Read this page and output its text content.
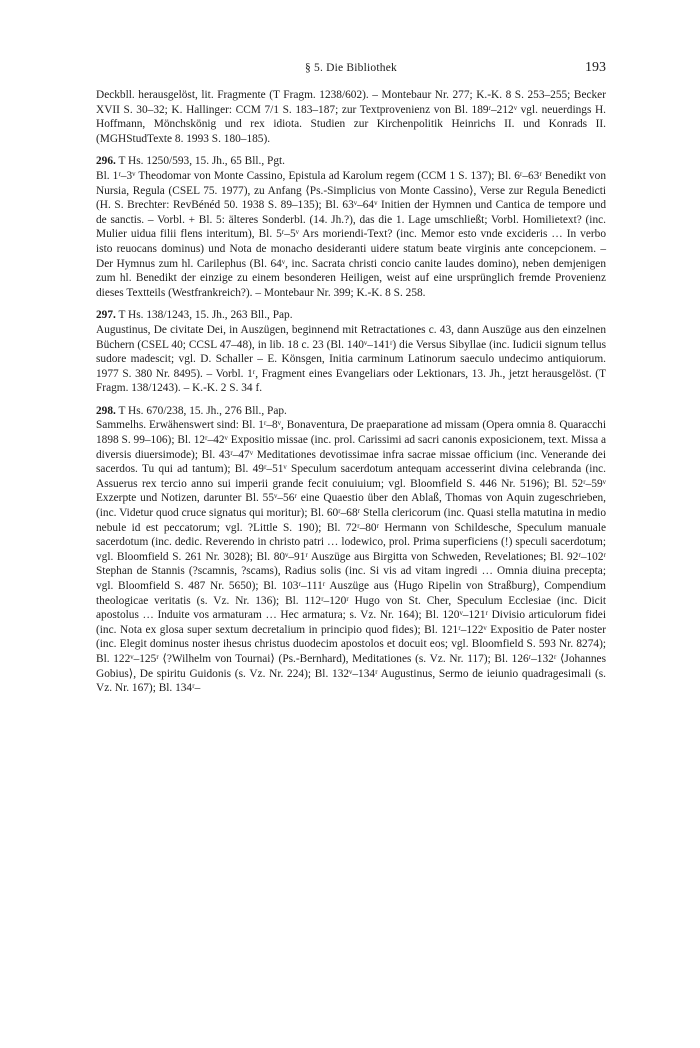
§ 5. Die Bibliothek	193

Deckbll. herausgelöst, lit. Fragmente (T Fragm. 1238/602). – Montebaur Nr. 277; K.-K. 8 S. 253–255; Becker XVII S. 30–32; K. Hallinger: CCM 7/1 S. 183–187; zur Textprovenienz von Bl. 189ʳ–212ᵛ vgl. neuerdings H. Hoffmann, Mönchskönig und rex idiota. Studien zur Kirchenpolitik Heinrichs II. und Konrads II. (MGHStudTexte 8. 1993 S. 180–185).

296. T Hs. 1250/593, 15. Jh., 65 Bll., Pgt.

Bl. 1ʳ–3ᵛ Theodomar von Monte Cassino, Epistula ad Karolum regem (CCM 1 S. 137); Bl. 6ʳ–63ʳ Benedikt von Nursia, Regula (CSEL 75. 1977), zu Anfang ⟨Ps.-Simplicius von Monte Cassino⟩, Verse zur Regula Benedicti (H. S. Brechter: RevBénéd 50. 1938 S. 89–135); Bl. 63ᵛ–64ᵛ Initien der Hymnen und Cantica de tempore und de sanctis. – Vorbl. + Bl. 5: älteres Sonderbl. (14. Jh.?), das die 1. Lage umschließt; Vorbl. Homilietext? (inc. Mulier uidua filii flens interitum), Bl. 5ʳ–5ᵛ Ars moriendi-Text? (inc. Memor esto vnde excideris … In verbo isto reuocans dominus) und Nota de monacho desideranti uidere statum beate virginis ante concepcionem. – Der Hymnus zum hl. Carilephus (Bl. 64ᵛ, inc. Sacrata christi concio canite laudes domino), neben demjenigen zum hl. Benedikt der einzige zu einem besonderen Heiligen, weist auf eine ursprünglich fremde Provenienz dieses Textteils (Westfrankreich?). – Montebaur Nr. 399; K.-K. 8 S. 258.

297. T Hs. 138/1243, 15. Jh., 263 Bll., Pap.

Augustinus, De civitate Dei, in Auszügen, beginnend mit Retractationes c. 43, dann Auszüge aus den einzelnen Büchern (CSEL 40; CCSL 47–48), in lib. 18 c. 23 (Bl. 140ᵛ–141ʳ) die Versus Sibyllae (inc. Iudicii signum tellus sudore madescit; vgl. D. Schaller – E. Könsgen, Initia carminum Latinorum saeculo undecimo antiquiorum. 1977 S. 380 Nr. 8495). – Vorbl. 1ʳ, Fragment eines Evangeliars oder Lektionars, 13. Jh., jetzt herausgelöst. (T Fragm. 138/1243). – K.-K. 2 S. 34 f.

298. T Hs. 670/238, 15. Jh., 276 Bll., Pap.

Sammelhs. Erwähenswert sind: Bl. 1ʳ–8ᵛ, Bonaventura, De praeparatione ad missam (Opera omnia 8. Quaracchi 1898 S. 99–106); Bl. 12ʳ–42ᵛ Expositio missae (inc. prol. Carissimi ad sacri canonis exposicionem, text. Missa a diversis diuersimode); Bl. 43ʳ–47ᵛ Meditationes devotissimae infra sacrae missae officium (inc. Venerande dei sacerdos. Tu qui ad tantum); Bl. 49ʳ–51ᵛ Speculum sacerdotum antequam accesserint divina celebranda (inc. Assuerus rex tercio anno sui imperii grande fecit conuiuium; vgl. Bloomfield S. 446 Nr. 5196); Bl. 52ʳ–59ᵛ Exzerpte und Notizen, darunter Bl. 55ᵛ–56ʳ eine Quaestio über den Ablaß, Thomas von Aquin zugeschrieben, (inc. Videtur quod cruce signatus qui moritur); Bl. 60ʳ–68ʳ Stella clericorum (inc. Quasi stella matutina in medio nebule id est peccatorum; vgl. ?Little S. 190); Bl. 72ʳ–80ʳ Hermann von Schildesche, Speculum manuale sacerdotum (inc. dedic. Reverendo in christo patri … lodewico, prol. Prima superficiens (!) speculi sacerdotum; vgl. Bloomfield S. 261 Nr. 3028); Bl. 80ᵛ–91ʳ Auszüge aus Birgitta von Schweden, Revelationes; Bl. 92ʳ–102ʳ Stephan de Stannis (?scamnis, ?scams), Radius solis (inc. Si vis ad vitam ingredi … Omnia diuina precepta; vgl. Bloomfield S. 487 Nr. 5650); Bl. 103ʳ–111ʳ Auszüge aus ⟨Hugo Ripelin von Straßburg⟩, Compendium theologicae veritatis (s. Vz. Nr. 136); Bl. 112ʳ–120ʳ Hugo von St. Cher, Speculum Ecclesiae (inc. Dicit apostolus … Induite vos armaturam … Hec armatura; s. Vz. Nr. 164); Bl. 120ᵛ–121ʳ Divisio articulorum fidei (inc. Nota ex glosa super sextum decretalium in principio quod fides); Bl. 121ʳ–122ᵛ Expositio de Pater noster (inc. Elegit dominus noster ihesus christus duodecim apostolos et docuit eos; vgl. Bloomfield S. 593 Nr. 8274); Bl. 122ᵛ–125ʳ ⟨?Wilhelm von Tournai⟩ (Ps.-Bernhard), Meditationes (s. Vz. Nr. 117); Bl. 126ʳ–132ʳ ⟨Johannes Gobius⟩, De spiritu Guidonis (s. Vz. Nr. 224); Bl. 132ᵛ–134ʳ Augustinus, Sermo de ieiunio quadragesimali (s. Vz. Nr. 167); Bl. 134ʳ–
